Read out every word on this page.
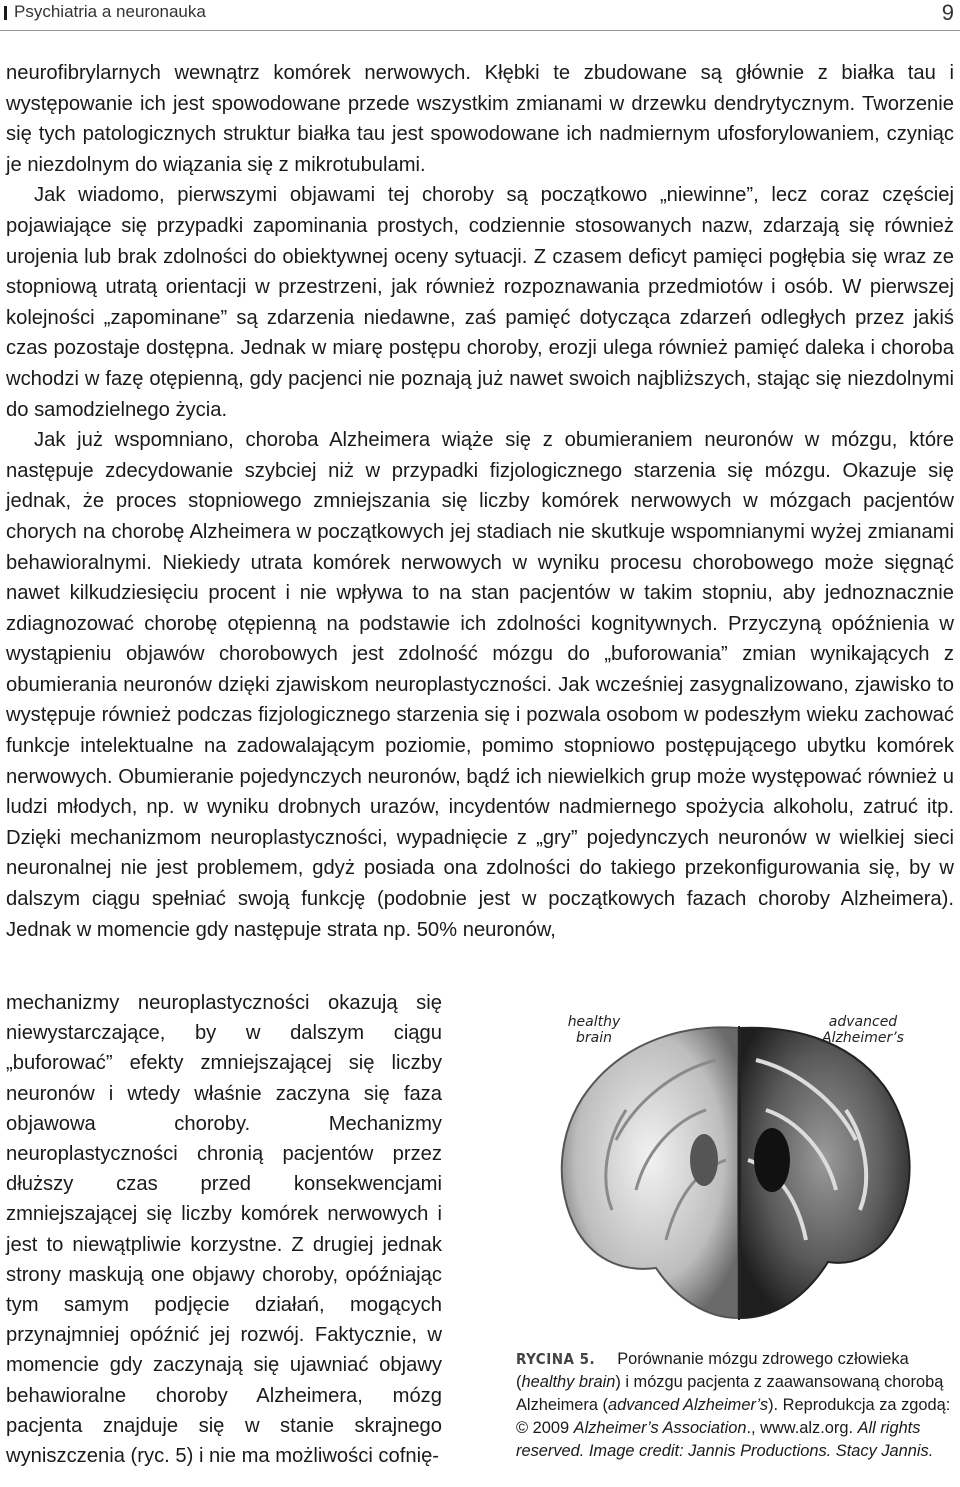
Psychiatria a neuronauka	9

neurofibrylarnych wewnątrz komórek nerwowych. Kłębki te zbudowane są głównie z białka tau i występowanie ich jest spowodowane przede wszystkim zmianami w drzewku dendrytycznym. Tworzenie się tych patologicznych struktur białka tau jest spowodowane ich nadmiernym ufosforylowaniem, czyniąc je niezdolnym do wiązania się z mikrotubulami.

Jak wiadomo, pierwszymi objawami tej choroby są początkowo „niewinne”, lecz coraz częściej pojawiające się przypadki zapominania prostych, codziennie stosowanych nazw, zdarzają się również urojenia lub brak zdolności do obiektywnej oceny sytuacji. Z czasem deficyt pamięci pogłębia się wraz ze stopniową utratą orientacji w przestrzeni, jak również rozpoznawania przedmiotów i osób. W pierwszej kolejności „zapominane” są zdarzenia niedawne, zaś pamięć dotycząca zdarzeń odległych przez jakiś czas pozostaje dostępna. Jednak w miarę postępu choroby, erozji ulega również pamięć daleka i choroba wchodzi w fazę otępienną, gdy pacjenci nie poznają już nawet swoich najbliższych, stając się niezdolnymi do samodzielnego życia.

Jak już wspomniano, choroba Alzheimera wiąże się z obumieraniem neuronów w mózgu, które następuje zdecydowanie szybciej niż w przypadki fizjologicznego starzenia się mózgu. Okazuje się jednak, że proces stopniowego zmniejszania się liczby komórek nerwowych w mózgach pacjentów chorych na chorobę Alzheimera w początkowych jej stadiach nie skutkuje wspomnianymi wyżej zmianami behawioralnymi. Niekiedy utrata komórek nerwowych w wyniku procesu chorobowego może sięgnąć nawet kilkudziesięciu procent i nie wpływa to na stan pacjentów w takim stopniu, aby jednoznacznie zdiagnozować chorobę otępienną na podstawie ich zdolności kognitywnych. Przyczyną opóźnienia w wystąpieniu objawów chorobowych jest zdolność mózgu do „buforowania” zmian wynikających z obumierania neuronów dzięki zjawiskom neuroplastyczności. Jak wcześniej zasygnalizowano, zjawisko to występuje również podczas fizjologicznego starzenia się i pozwala osobom w podeszłym wieku zachować funkcje intelektualne na zadowalającym poziomie, pomimo stopniowo postępującego ubytku komórek nerwowych. Obumieranie pojedynczych neuronów, bądź ich niewielkich grup może występować również u ludzi młodych, np. w wyniku drobnych urazów, incydentów nadmiernego spożycia alkoholu, zatruć itp. Dzięki mechanizmom neuroplastyczności, wypadnięcie z „gry” pojedynczych neuronów w wielkiej sieci neuronalnej nie jest problemem, gdyż posiada ona zdolności do takiego przekonfigurowania się, by w dalszym ciągu spełniać swoją funkcję (podobnie jest w początkowych fazach choroby Alzheimera). Jednak w momencie gdy następuje strata np. 50% neuronów,

mechanizmy neuroplastyczności okazują się niewystarczające, by w dalszym ciągu „buforować” efekty zmniejszającej się liczby neuronów i wtedy właśnie zaczyna się faza objawowa choroby. Mechanizmy neuroplastyczności chronią pacjentów przez dłuższy czas przed konsekwencjami zmniejszającej się liczby komórek nerwowych i jest to niewątpliwie korzystne. Z drugiej jednak strony maskują one objawy choroby, opóźniając tym samym podjęcie działań, mogących przynajmniej opóźnić jej rozwój. Faktycznie, w momencie gdy zaczynają się ujawniać objawy behawioralne choroby Alzheimera, mózg pacjenta znajduje się w stanie skrajnego wyniszczenia (ryc. 5) i nie ma możliwości cofnię-

healthy brain
advanced Alzheimer’s
RYCINA 5. Porównanie mózgu zdrowego człowieka (healthy brain) i mózgu pacjenta z zaawansowaną chorobą Alzheimera (advanced Alzheimer’s). Reprodukcja za zgodą: © 2009 Alzheimer’s Association., www.alz.org. All rights reserved. Image credit: Jannis Productions. Stacy Jannis.
